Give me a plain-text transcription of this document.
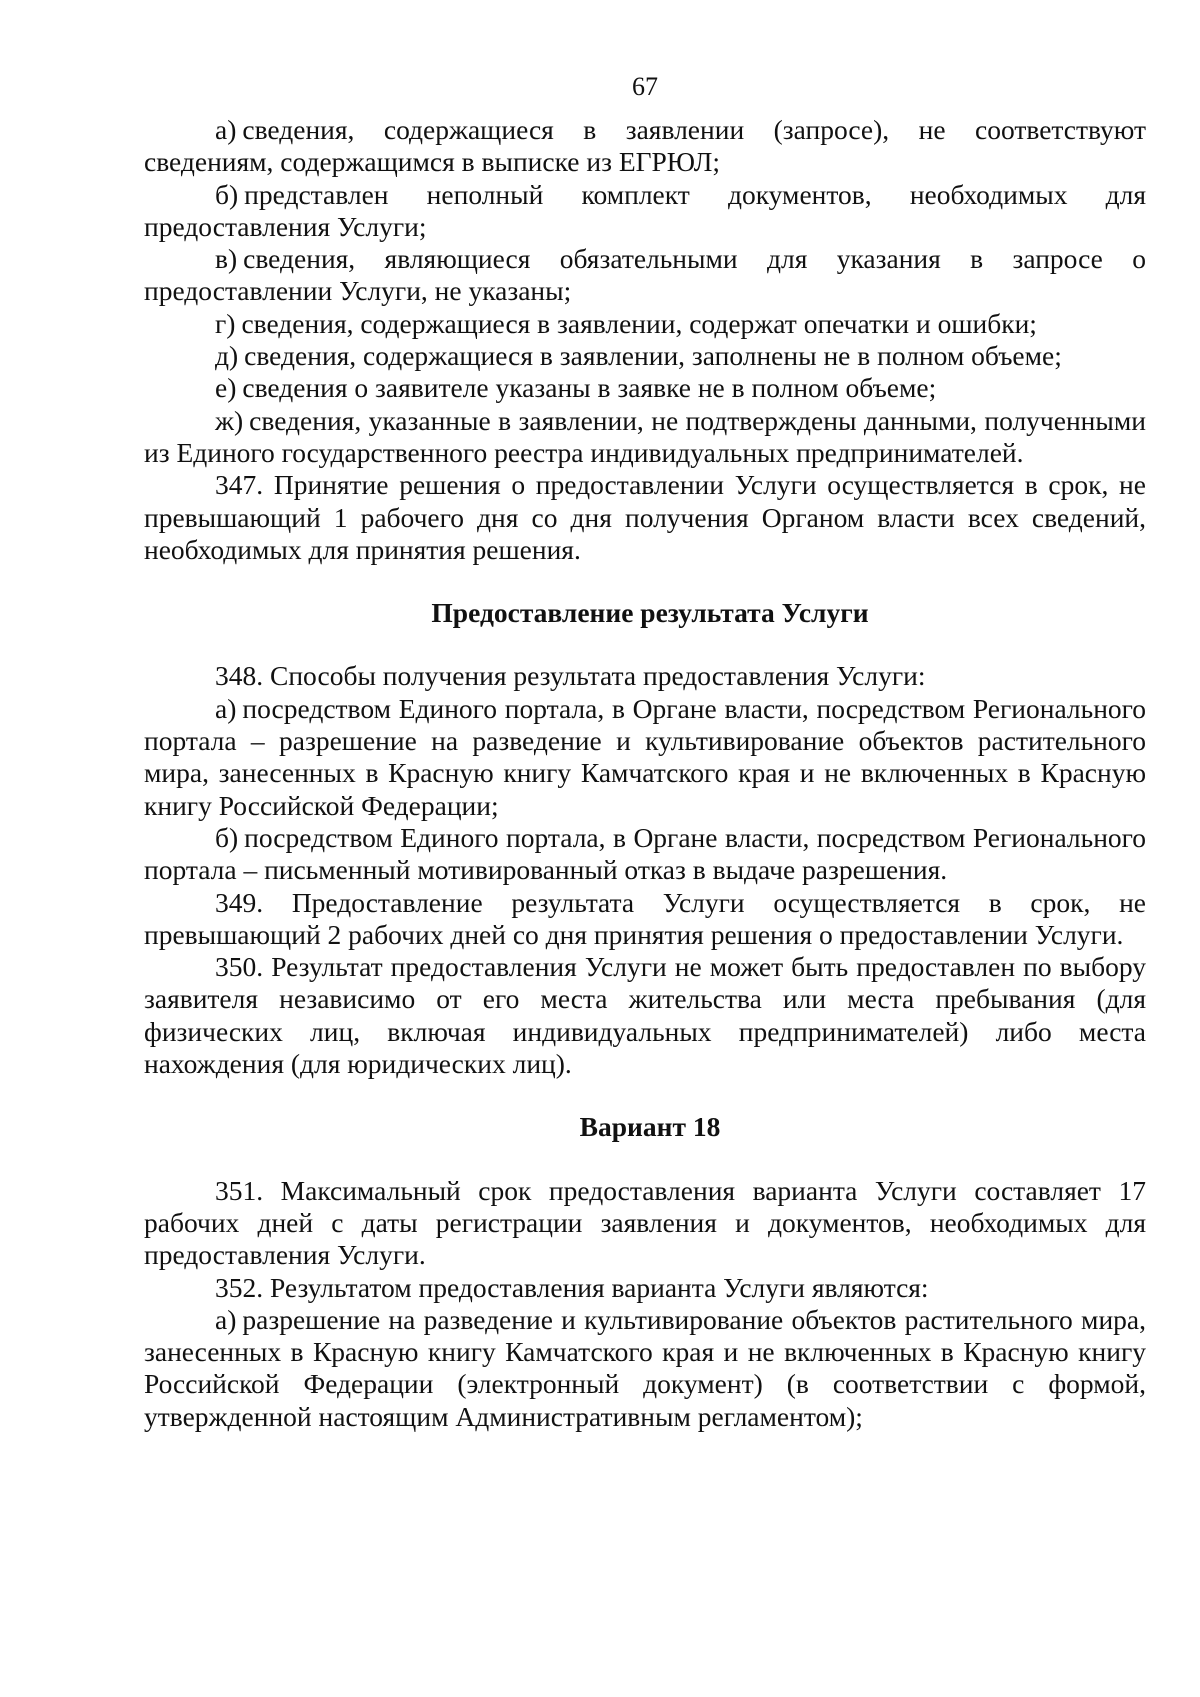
67

а) сведения, содержащиеся в заявлении (запросе), не соответствуют сведениям, содержащимся в выписке из ЕГРЮЛ;

б) представлен неполный комплект документов, необходимых для предоставления Услуги;

в) сведения, являющиеся обязательными для указания в запросе о предоставлении Услуги, не указаны;

г) сведения, содержащиеся в заявлении, содержат опечатки и ошибки;

д) сведения, содержащиеся в заявлении, заполнены не в полном объеме;

е) сведения о заявителе указаны в заявке не в полном объеме;

ж) сведения, указанные в заявлении, не подтверждены данными, полученными из Единого государственного реестра индивидуальных предпринимателей.

347. Принятие решения о предоставлении Услуги осуществляется в срок, не превышающий 1 рабочего дня со дня получения Органом власти всех сведений, необходимых для принятия решения.

Предоставление результата Услуги

348. Способы получения результата предоставления Услуги:

а) посредством Единого портала, в Органе власти, посредством Регионального портала – разрешение на разведение и культивирование объектов растительного мира, занесенных в Красную книгу Камчатского края и не включенных в Красную книгу Российской Федерации;

б) посредством Единого портала, в Органе власти, посредством Регионального портала – письменный мотивированный отказ в выдаче разрешения.

349. Предоставление результата Услуги осуществляется в срок, не превышающий 2 рабочих дней со дня принятия решения о предоставлении Услуги.

350. Результат предоставления Услуги не может быть предоставлен по выбору заявителя независимо от его места жительства или места пребывания (для физических лиц, включая индивидуальных предпринимателей) либо места нахождения (для юридических лиц).

Вариант 18

351. Максимальный срок предоставления варианта Услуги составляет 17 рабочих дней с даты регистрации заявления и документов, необходимых для предоставления Услуги.

352. Результатом предоставления варианта Услуги являются:

а) разрешение на разведение и культивирование объектов растительного мира, занесенных в Красную книгу Камчатского края и не включенных в Красную книгу Российской Федерации (электронный документ) (в соответствии с формой, утвержденной настоящим Административным регламентом);
